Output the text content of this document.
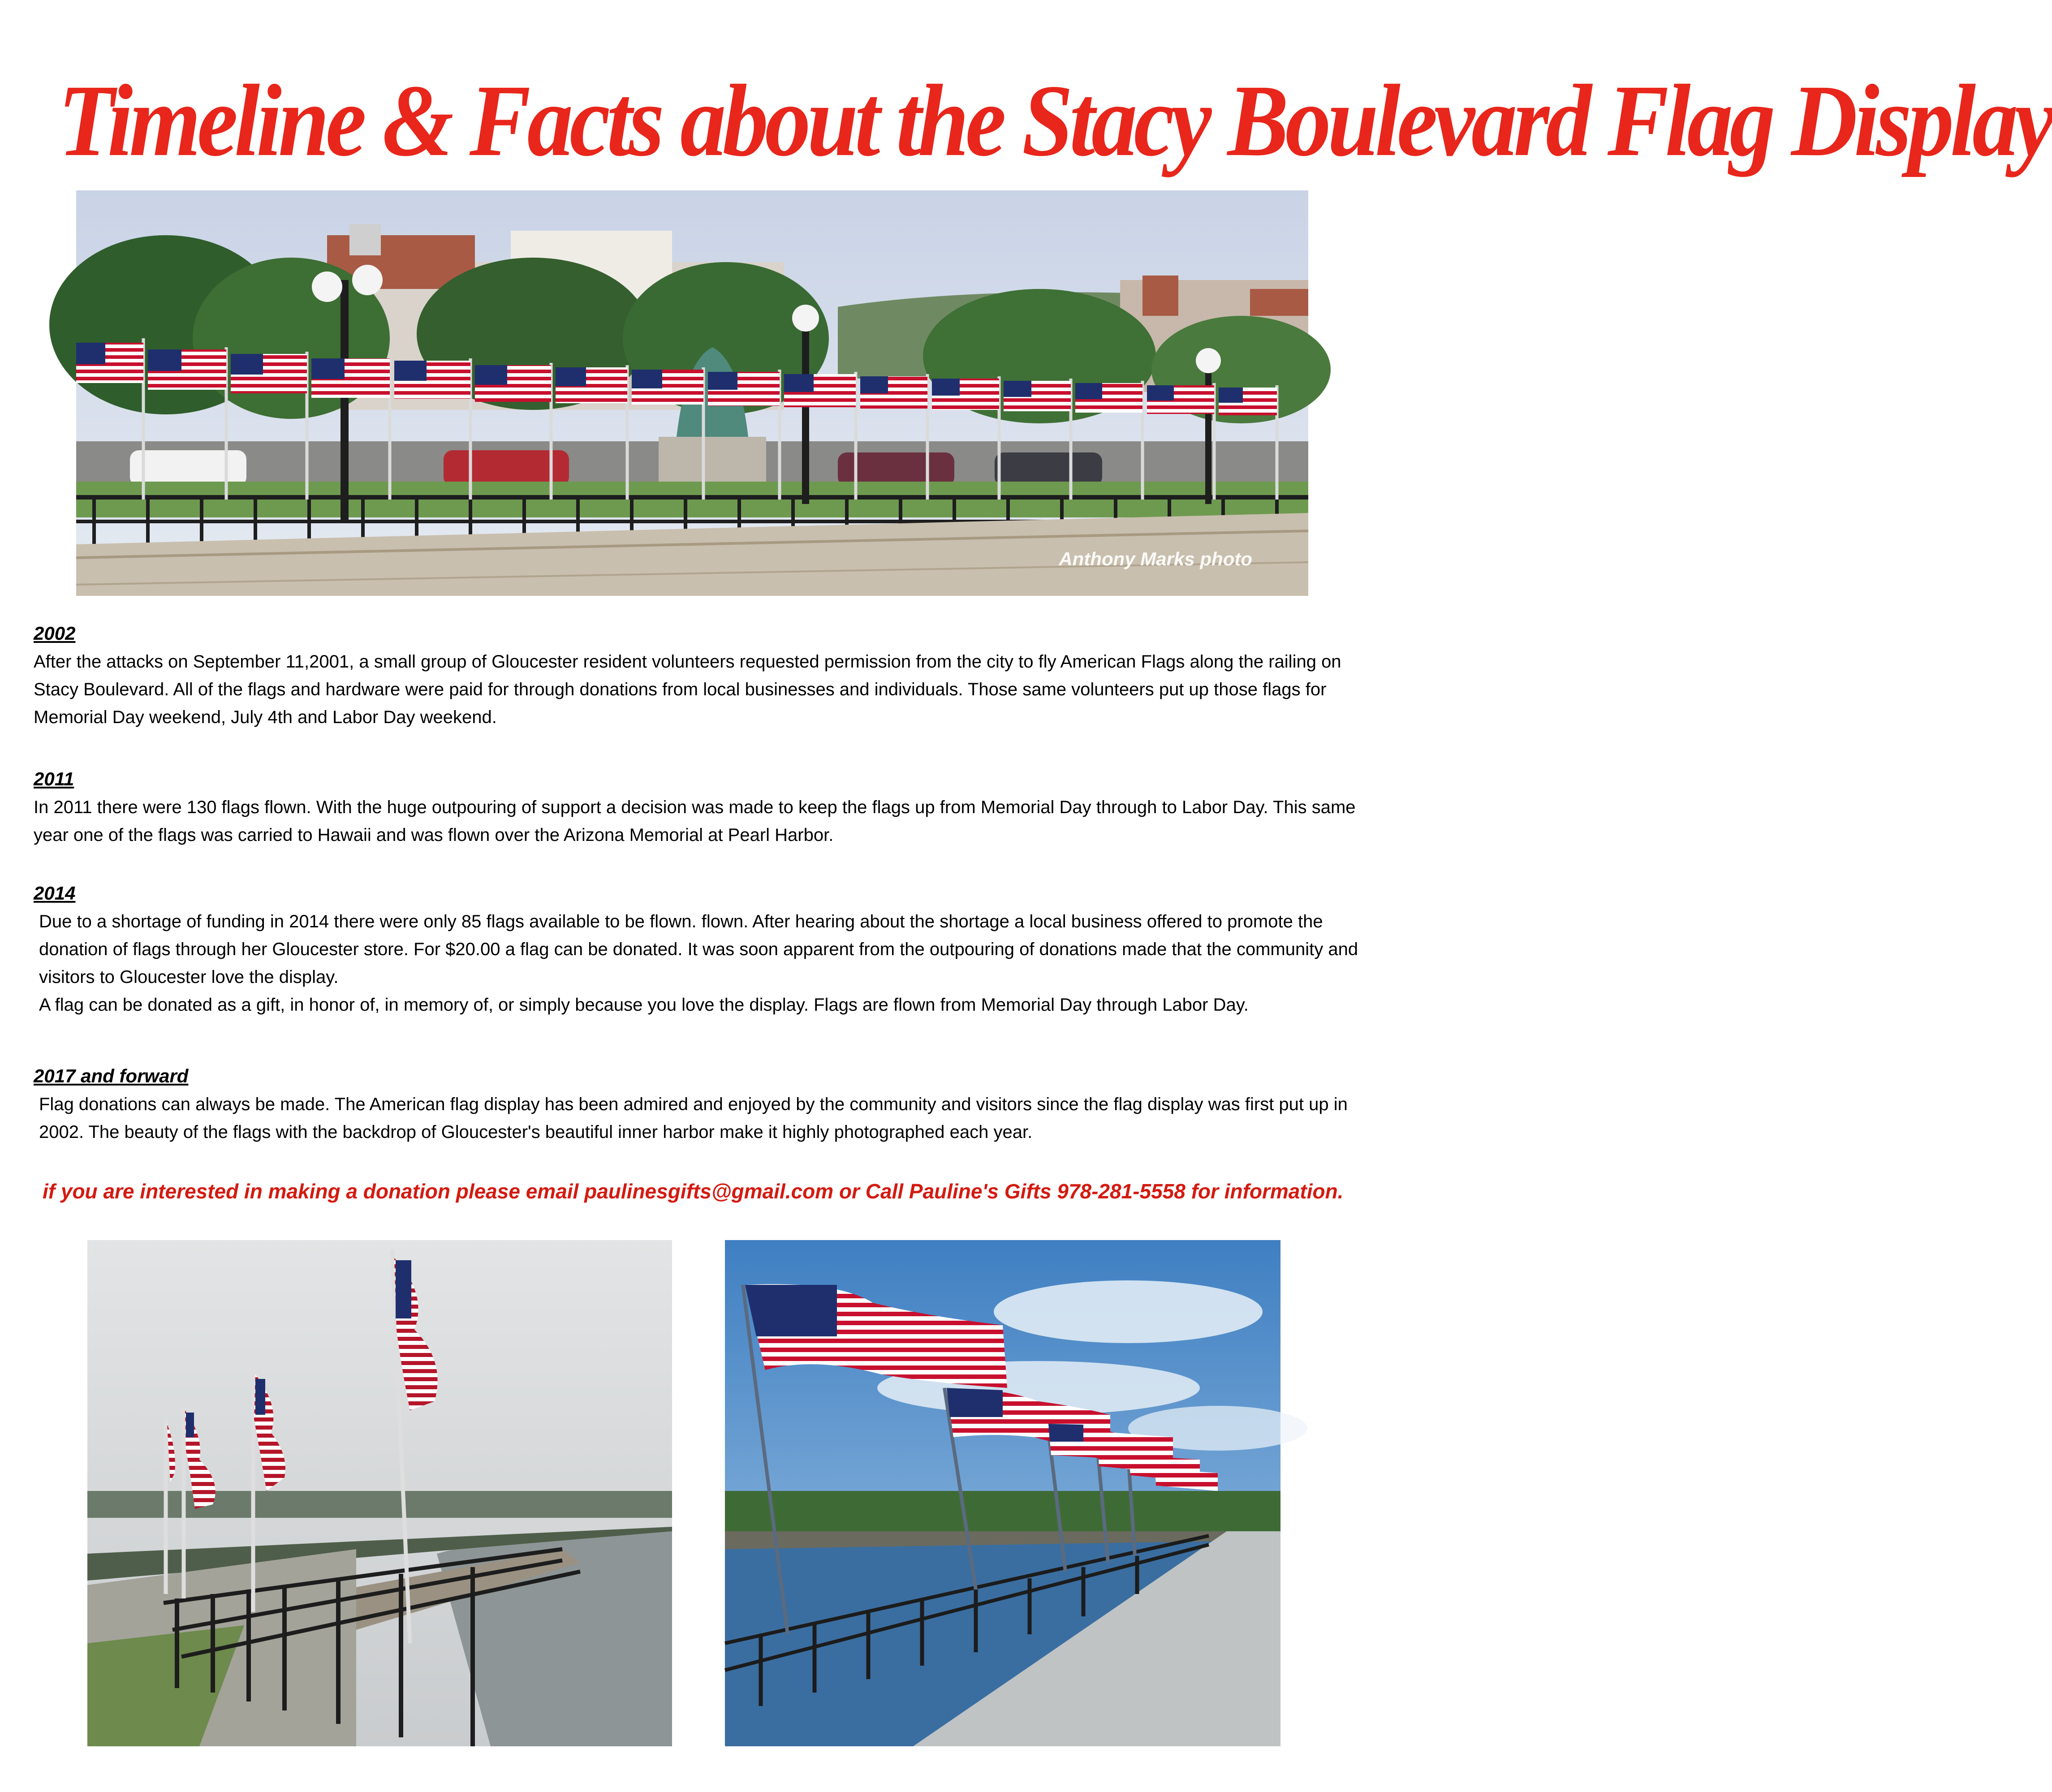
Timeline & Facts about the Stacy Boulevard Flag Display
Anthony Marks photo
2002

After the attacks on September 11,2001, a small group of Gloucester resident volunteers requested permission from the city to fly American Flags along the railing on Stacy Boulevard. All of the flags and hardware were paid for through donations from local businesses and individuals. Those same volunteers put up those flags for Memorial Day weekend, July 4th and Labor Day weekend.

2011

In 2011 there were 130 flags flown. With the huge outpouring of support a decision was made to keep the flags up from Memorial Day through to Labor Day. This same year one of the flags was carried to Hawaii and was flown over the Arizona Memorial at Pearl Harbor.

2014

Due to a shortage of funding in 2014 there were only 85 flags available to be flown. flown. After hearing about the shortage a local business offered to promote the donation of flags through her Gloucester store. For $20.00 a flag can be donated. It was soon apparent from the outpouring of donations made that the community and visitors to Gloucester love the display.

A flag can be donated as a gift, in honor of, in memory of, or simply because you love the display. Flags are flown from Memorial Day through Labor Day.

2017 and forward

Flag donations can always be made. The American flag display has been admired and enjoyed by the community and visitors since the flag display was first put up in 2002. The beauty of the flags with the backdrop of Gloucester's beautiful inner harbor make it highly photographed each year.

if you are interested in making a donation please email paulinesgifts@gmail.com or Call Pauline's Gifts 978-281-5558 for information.
